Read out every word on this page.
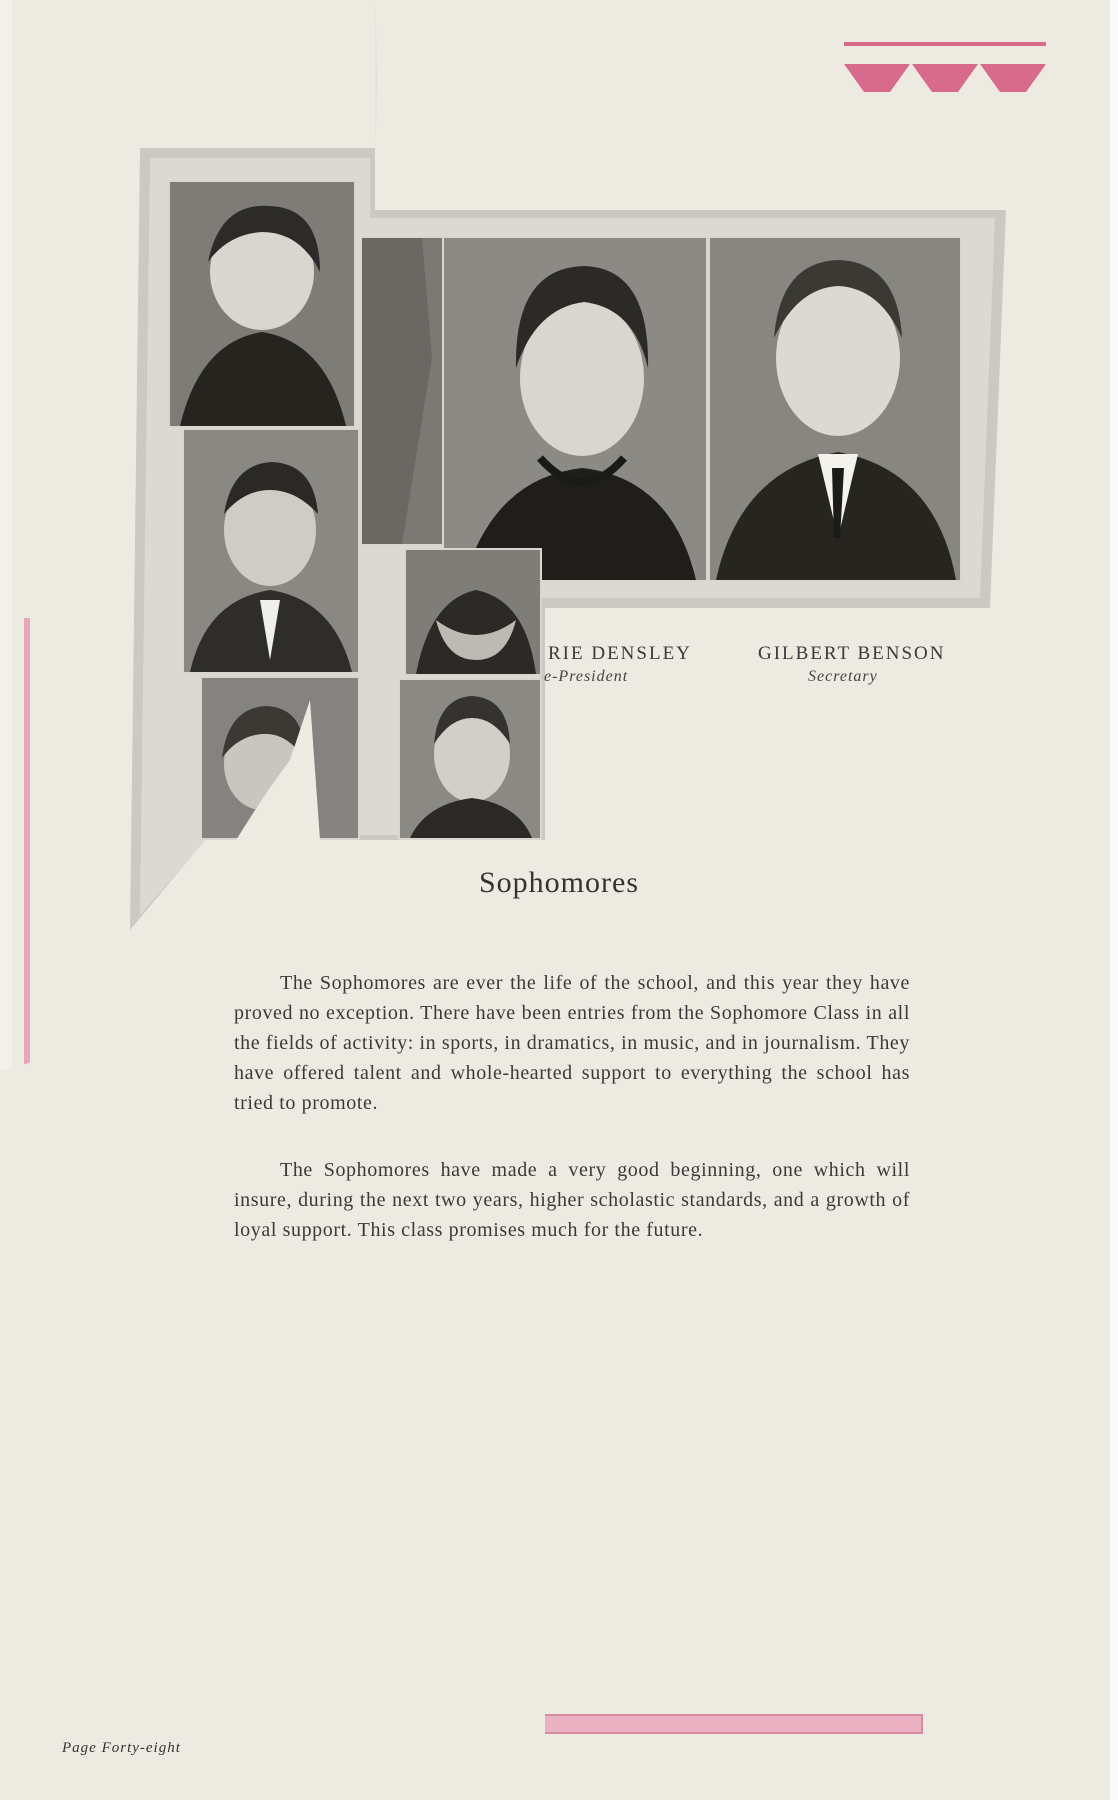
RIE DENSLEY
e-President
GILBERT BENSON
Secretary
Sophomores

The Sophomores are ever the life of the school, and this year they have proved no exception. There have been entries from the Sophomore Class in all the fields of activity: in sports, in dramatics, in music, and in journalism. They have offered talent and whole-hearted support to everything the school has tried to promote.

The Sophomores have made a very good beginning, one which will insure, during the next two years, higher scholastic standards, and a growth of loyal support. This class promises much for the future.

Page Forty-eight
